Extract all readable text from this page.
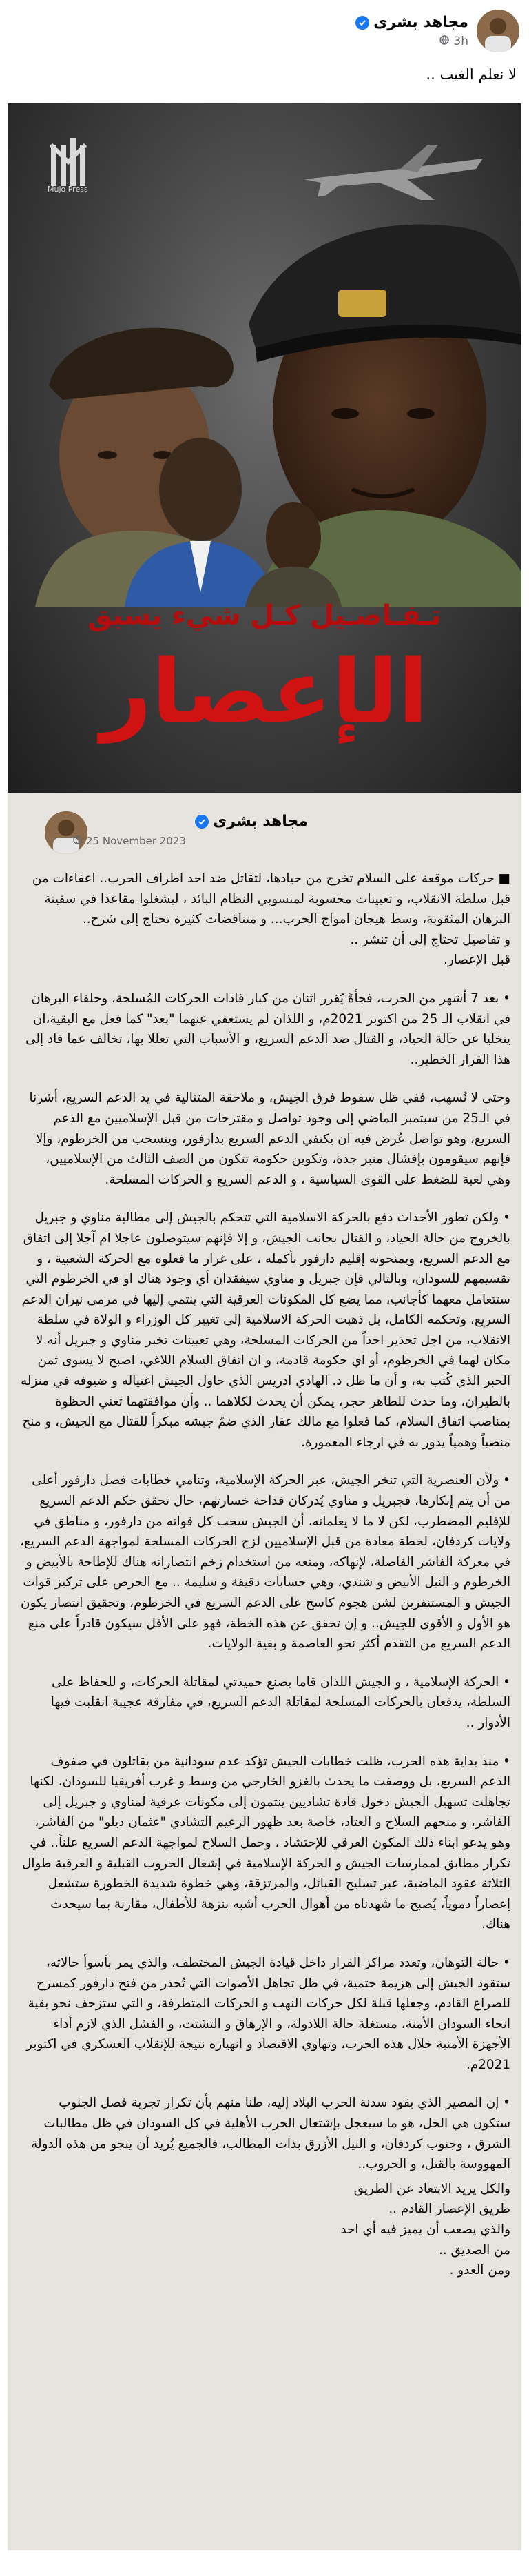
مجاهد بشرى
3h
لا نعلم الغيب ..
Mujo Press
تـفـاصـيل كـل شيء يسبق
الإعصار
مجاهد بشرى
25 November 2023

■ حركات موقعة على السلام تخرج من حيادها، لتقاتل ضد احد اطراف الحرب.. اعفاءات من قبل سلطة الانقلاب، و تعيينات محسوبة لمنسوبي النظام البائد ، ليشغلوا مقاعدا في سفينة البرهان المثقوبة، وسط هيجان امواج الحرب... و متناقضات كثيرة تحتاج إلى شرح..
و تفاصيل تحتاج إلى أن تنشر ..
قبل الإعصار.

• بعد 7 أشهر من الحرب، فجأةً يُقرر اثنان من كبار قادات الحركات المُسلحة، وحلفاء البرهان في انقلاب الـ 25 من اكتوبر 2021م، و اللذان لم يستعفي عنهما "بعد" كما فعل مع البقية،ان يتخليا عن حالة الحياد، و القتال ضد الدعم السريع، و الأسباب التي تعللا بها، تخالف عما قاد إلى هذا القرار الخطير..

وحتى لا نُسهب، ففي ظل سقوط فرق الجيش، و ملاحقة المتتالية في يد الدعم السريع، أشرنا في الـ25 من سبتمبر الماضي إلى وجود تواصل و مقترحات من قبل الإسلاميين مع الدعم السريع، وهو تواصل عُرض فيه ان يكتفي الدعم السريع بدارفور، وينسحب من الخرطوم، وإلا فإنهم سيقومون بإفشال منبر جدة، وتكوين حكومة تتكون من الصف الثالث من الإسلاميين، وهي لعبة للضغط على القوى السياسية ، و الدعم السريع و الحركات المسلحة.

• ولكن تطور الأحداث دفع بالحركة الاسلامية التي تتحكم بالجيش إلى مطالبة مناوي و جبريل بالخروج من حالة الحياد، و القتال بجانب الجيش، و إلا فإنهم سيتوصلون عاجلا ام آجلا إلى اتفاق مع الدعم السريع، ويمنحونه إقليم دارفور بأكمله ، على غرار ما فعلوه مع الحركة الشعبية ، و تقسيمهم للسودان، وبالتالي فإن جبريل و مناوي سيفقدان أي وجود هناك او في الخرطوم التي ستتعامل معهما كأجانب، مما يضع كل المكونات العرقية التي ينتمي إليها في مرمى نيران الدعم السريع، وتحكمه الكامل، بل ذهبت الحركة الاسلامية إلى تغيير كل الوزراء و الولاة في سلطة الانقلاب، من اجل تحذير احداً من الحركات المسلحة، وهي تعيينات تخبر مناوي و جبريل أنه لا مكان لهما في الخرطوم، أو اي حكومة قادمة، و ان اتفاق السلام اللاغي، اصبح لا يسوى ثمن الحبر الذي كُتب به، و أن ما ظل د. الهادي ادريس الذي حاول الجيش اغتياله و ضيوفه في منزله بالطيران، وما حدث للطاهر حجر، يمكن أن يحدث لكلاهما .. وأن موافقتهما تعني الحظوة بمناصب اتفاق السلام، كما فعلوا مع مالك عقار الذي ضمّ جيشه مبكراً للقتال مع الجيش، و منح منصباً وهمياً يدور به في ارجاء المعمورة.

• ولأن العنصرية التي تنخر الجيش، عبر الحركة الإسلامية، وتنامي خطابات فصل دارفور أعلى من أن يتم إنكارها، فجبريل و مناوي يُدركان فداحة خسارتهم، حال تحقق حكم الدعم السريع للإقليم المضطرب، لكن لا ما لا يعلمانه، أن الجيش سحب كل قواته من دارفور، و مناطق في ولايات كردفان، لخطة معادة من قبل الإسلاميين لزج الحركات المسلحة لمواجهة الدعم السريع، في معركة الفاشر الفاصلة، لإنهاكه، ومنعه من استخدام زخم انتصاراته هناك للإطاحة بالأبيض و الخرطوم و النيل الأبيض و شندي، وهي حسابات دقيقة و سليمة .. مع الحرص على تركيز قوات الجيش و المستنفرين لشن هجوم كاسح على الدعم السريع في الخرطوم، وتحقيق انتصار يكون هو الأول و الأقوى للجيش.. و إن تحقق عن هذه الخطة، فهو على الأقل سيكون قادراً على منع الدعم السريع من التقدم أكثر نحو العاصمة و بقية الولايات.

• الحركة الإسلامية ، و الجيش اللذان قاما بصنع حميدتي لمقاتلة الحركات، و للحفاظ على السلطة، يدفعان بالحركات المسلحة لمقاتلة الدعم السريع، في مفارقة عجيبة انقلبت فيها الأدوار ..

• منذ بداية هذه الحرب، ظلت خطابات الجيش تؤكد عدم سودانية من يقاتلون في صفوف الدعم السريع، بل ووصفت ما يحدث بالغزو الخارجي من وسط و غرب أفريقيا للسودان، لكنها تجاهلت تسهيل الجيش دخول قادة تشاديين ينتمون إلى مكونات عرقية لمناوي و جبريل إلى الفاشر، و منحهم السلاح و العتاد، خاصة بعد ظهور الزعيم التشادي "عثمان ديلو" من الفاشر، وهو يدعو ابناء ذلك المكون العرقي للإحتشاد ، وحمل السلاح لمواجهة الدعم السريع علناً.. في تكرار مطابق لممارسات الجيش و الحركة الإسلامية في إشعال الحروب القبلية و العرقية طوال الثلاثة عقود الماضية، عبر تسليح القبائل، والمرتزقة، وهي خطوة شديدة الخطورة ستشعل إعصاراً دموياً، يُصبح ما شهدناه من أهوال الحرب أشبه بنزهة للأطفال، مقارنة بما سيحدث هناك.

• حالة التوهان، وتعدد مراكز القرار داخل قيادة الجيش المختطف، والذي يمر بأسوأ حالاته، ستقود الجيش إلى هزيمة حتمية، في ظل تجاهل الأصوات التي تُحذر من فتح دارفور كمسرح للصراع القادم، وجعلها قبلة لكل حركات النهب و الحركات المتطرفة، و التي ستزحف نحو بقية انحاء السودان الأمنة، مستغلة حالة اللادولة، و الإرهاق و التشتت، و الفشل الذي لازم أداء الأجهزة الأمنية خلال هذه الحرب، وتهاوي الاقتصاد و انهياره نتيجة للإنقلاب العسكري في اكتوبر 2021م.

• إن المصير الذي يقود سدنة الحرب البلاد إليه، طنا منهم بأن تكرار تجربة فصل الجنوب ستكون هي الحل، هو ما سيعجل بإشتعال الحرب الأهلية في كل السودان في ظل مطالبات الشرق ، وجنوب كردفان، و النيل الأزرق بذات المطالب، فالجميع يُريد أن ينجو من هذه الدولة المهووسة بالقتل، و الحروب..

والكل يريد الابتعاد عن الطريق
طريق الإعصار القادم ..
والذي يصعب أن يميز فيه أي احد
من الصديق ..
ومن العدو .
